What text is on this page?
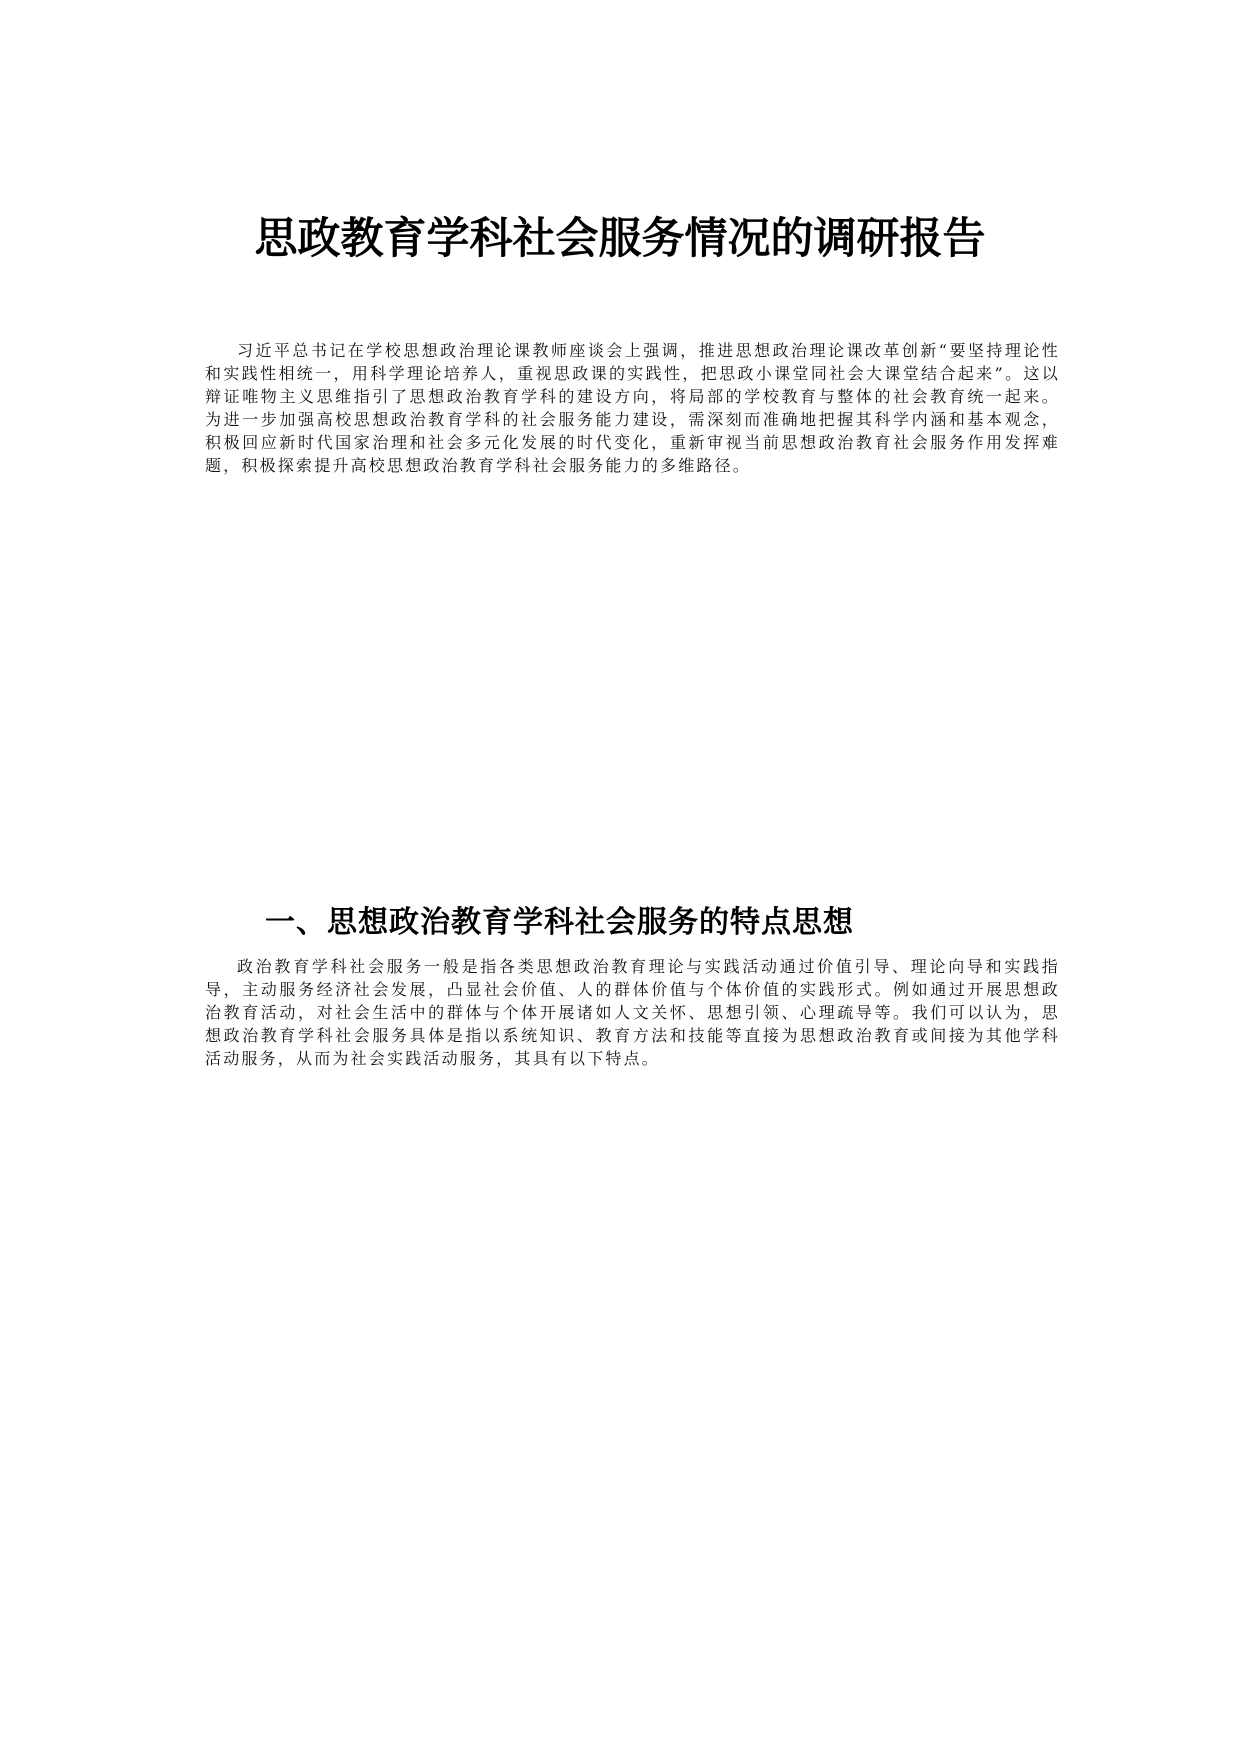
思政教育学科社会服务情况的调研报告

习近平总书记在学校思想政治理论课教师座谈会上强调，推进思想政治理论课改革创新“要坚持理论性和实践性相统一，用科学理论培养人，重视思政课的实践性，把思政小课堂同社会大课堂结合起来”。这以辩证唯物主义思维指引了思想政治教育学科的建设方向，将局部的学校教育与整体的社会教育统一起来。为进一步加强高校思想政治教育学科的社会服务能力建设，需深刻而准确地把握其科学内涵和基本观念，积极回应新时代国家治理和社会多元化发展的时代变化，重新审视当前思想政治教育社会服务作用发挥难题，积极探索提升高校思想政治教育学科社会服务能力的多维路径。

一、思想政治教育学科社会服务的特点思想

政治教育学科社会服务一般是指各类思想政治教育理论与实践活动通过价值引导、理论向导和实践指导，主动服务经济社会发展，凸显社会价值、人的群体价值与个体价值的实践形式。例如通过开展思想政治教育活动，对社会生活中的群体与个体开展诸如人文关怀、思想引领、心理疏导等。我们可以认为，思想政治教育学科社会服务具体是指以系统知识、教育方法和技能等直接为思想政治教育或间接为其他学科活动服务，从而为社会实践活动服务，其具有以下特点。
